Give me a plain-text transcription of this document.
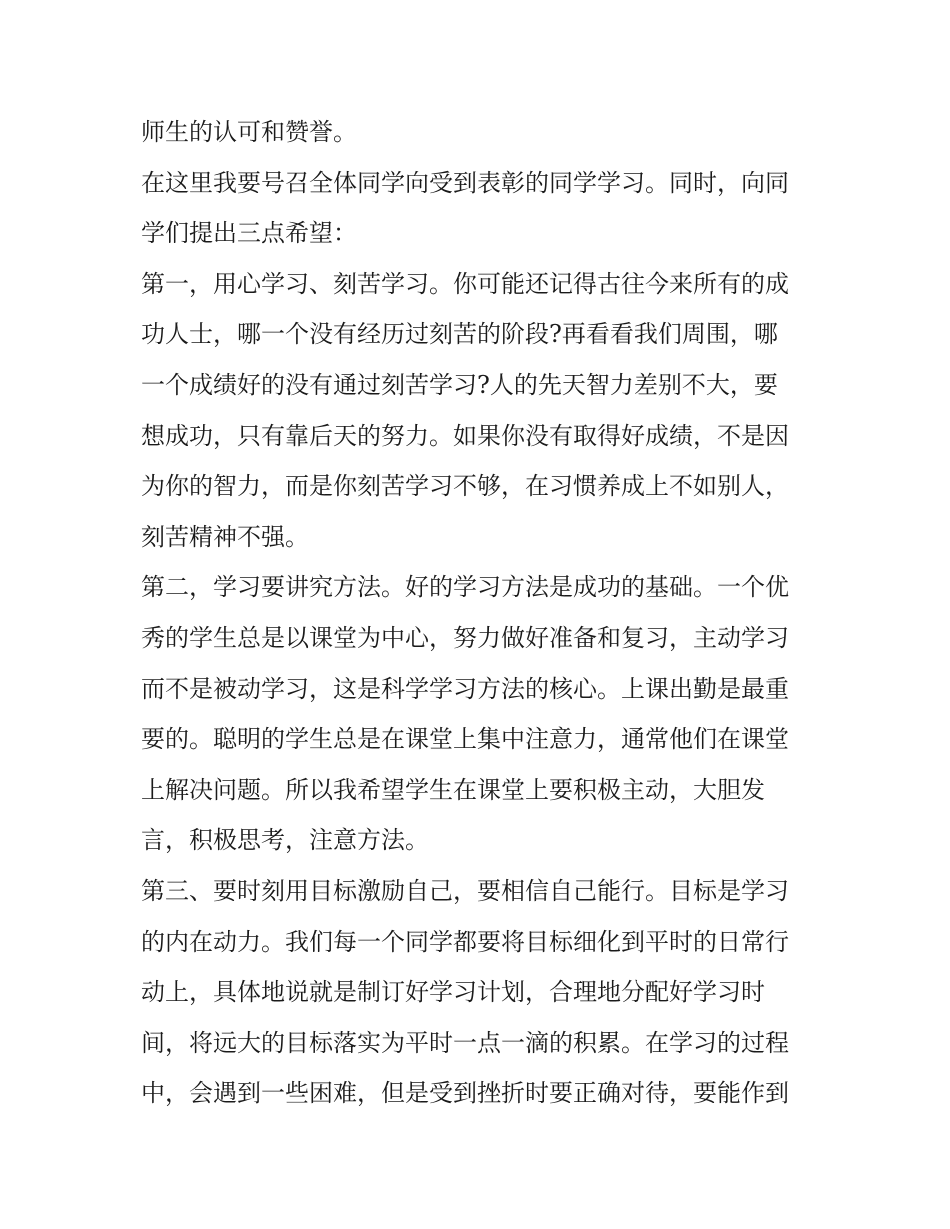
师生的认可和赞誉。
在这里我要号召全体同学向受到表彰的同学学习。同时，向同
学们提出三点希望：
第一，用心学习、刻苦学习。你可能还记得古往今来所有的成
功人士，哪一个没有经历过刻苦的阶段?再看看我们周围，哪
一个成绩好的没有通过刻苦学习?人的先天智力差别不大，要
想成功，只有靠后天的努力。如果你没有取得好成绩，不是因
为你的智力，而是你刻苦学习不够，在习惯养成上不如别人，
刻苦精神不强。
第二，学习要讲究方法。好的学习方法是成功的基础。一个优
秀的学生总是以课堂为中心，努力做好准备和复习，主动学习
而不是被动学习，这是科学学习方法的核心。上课出勤是最重
要的。聪明的学生总是在课堂上集中注意力，通常他们在课堂
上解决问题。所以我希望学生在课堂上要积极主动，大胆发
言，积极思考，注意方法。
第三、要时刻用目标激励自己，要相信自己能行。目标是学习
的内在动力。我们每一个同学都要将目标细化到平时的日常行
动上，具体地说就是制订好学习计划，合理地分配好学习时
间，将远大的目标落实为平时一点一滴的积累。在学习的过程
中，会遇到一些困难，但是受到挫折时要正确对待，要能作到
